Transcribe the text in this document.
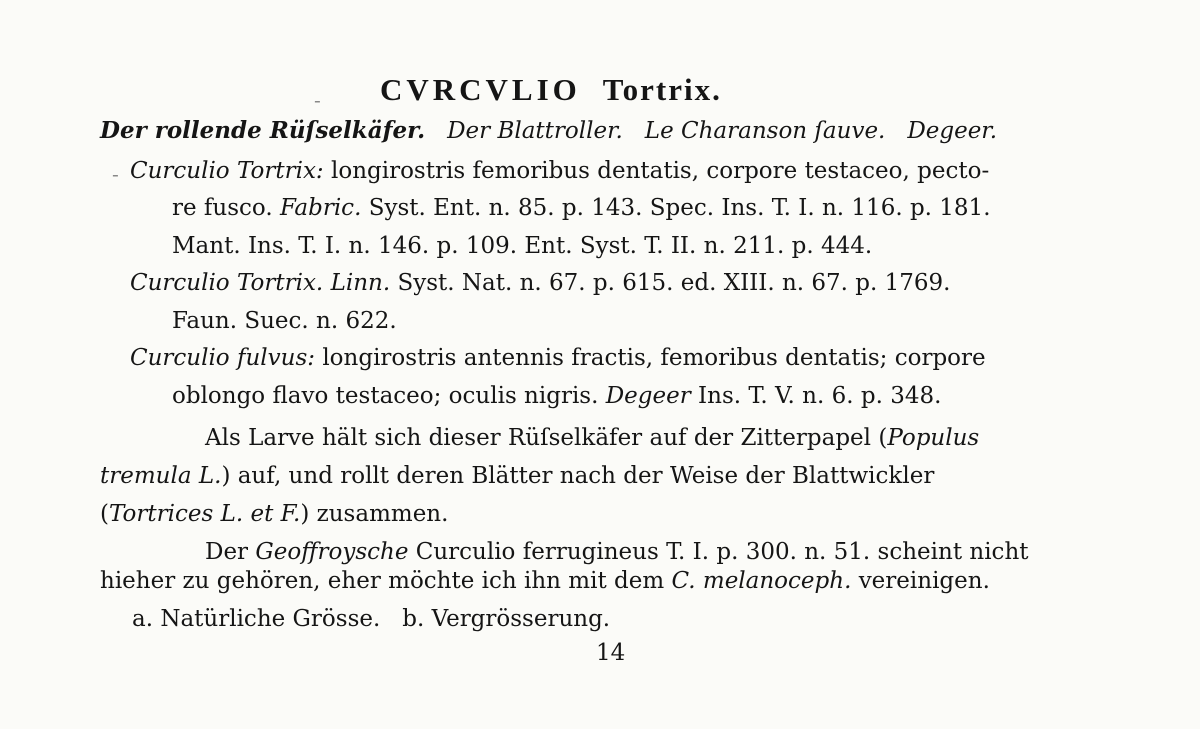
CVRCVLIO Tortrix.
Der rollende Rüſselkäfer. Der Blattroller. Le Charanson ſauve. Degeer.
Curculio Tortrix: longirostris femoribus dentatis, corpore testaceo, pecto-
re fusco. Fabric. Syst. Ent. n. 85. p. 143. Spec. Ins. T. I. n. 116. p. 181.
Mant. Ins. T. I. n. 146. p. 109. Ent. Syst. T. II. n. 211. p. 444.
Curculio Tortrix. Linn. Syst. Nat. n. 67. p. 615. ed. XIII. n. 67. p. 1769.
Faun. Suec. n. 622.
Curculio fulvus: longirostris antennis fractis, femoribus dentatis; corpore
oblongo flavo testaceo; oculis nigris. Degeer Ins. T. V. n. 6. p. 348.
Als Larve hält sich dieser Rüſselkäfer auf der Zitterpapel (Populus
tremula L.) auf, und rollt deren Blätter nach der Weise der Blattwickler
(Tortrices L. et F.) zusammen.
Der Geoffroysche Curculio ferrugineus T. I. p. 300. n. 51. scheint nicht
hieher zu gehören, eher möchte ich ihn mit dem C. melanoceph. vereinigen.
a. Natürliche Grösse. b. Vergrösserung.
14
-
-
